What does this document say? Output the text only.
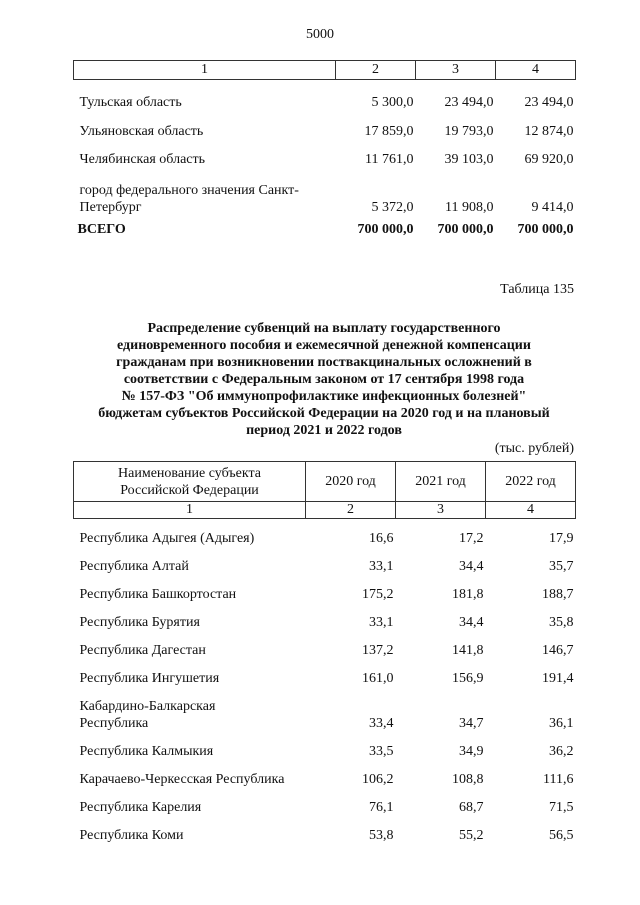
5000
1	2	3	4
Тульская область	5 300,0	23 494,0	23 494,0
Ульяновская область	17 859,0	19 793,0	12 874,0
Челябинская область	11 761,0	39 103,0	69 920,0
город федерального значения Санкт-
Петербург	5 372,0	11 908,0	9 414,0
ВСЕГО	700 000,0	700 000,0	700 000,0
Таблица 135
Распределение субвенций на выплату государственного
единовременного пособия и ежемесячной денежной компенсации
гражданам при возникновении поствакцинальных осложнений в
соответствии с Федеральным законом от 17 сентября 1998 года
№ 157-ФЗ "Об иммунопрофилактике инфекционных болезней"
бюджетам субъектов Российской Федерации на 2020 год и на плановый
период 2021 и 2022 годов
(тыс. рублей)
Наименование субъекта
Российской Федерации	2020 год	2021 год	2022 год
1	2	3	4
Республика Адыгея (Адыгея)	16,6	17,2	17,9
Республика Алтай	33,1	34,4	35,7
Республика Башкортостан	175,2	181,8	188,7
Республика Бурятия	33,1	34,4	35,8
Республика Дагестан	137,2	141,8	146,7
Республика Ингушетия	161,0	156,9	191,4
Кабардино-Балкарская
Республика	33,4	34,7	36,1
Республика Калмыкия	33,5	34,9	36,2
Карачаево-Черкесская Республика	106,2	108,8	111,6
Республика Карелия	76,1	68,7	71,5
Республика Коми	53,8	55,2	56,5
